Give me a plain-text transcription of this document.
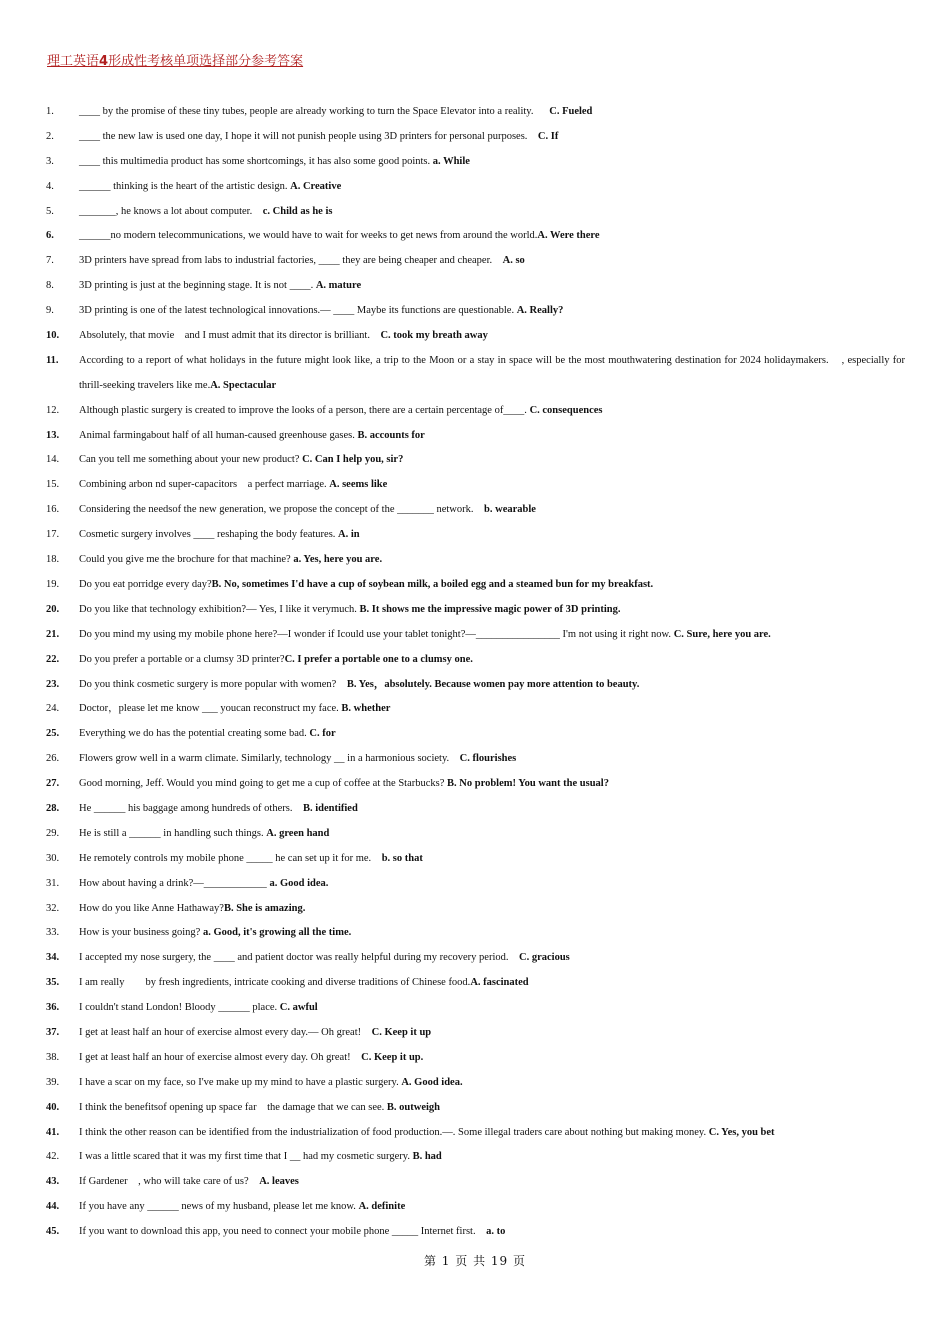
理工英语4形成性考核单项选择部分参考答案
1.	____ by the promise of these tiny tubes, people are already working to turn the Space Elevator into a reality.      C. Fueled
2.	____ the new law is used one day, I hope it will not punish people using 3D printers for personal purposes.    C. If
3.	____ this multimedia product has some shortcomings, it has also some good points. a. While
4.	______ thinking is the heart of the artistic design. A. Creative
5.	_______, he knows a lot about computer.    c. Child as he is
6.	______no modern telecommunications, we would have to wait for weeks to get news from around the world.A. Were there
7.	3D printers have spread from labs to industrial factories, ____ they are being cheaper and cheaper.    A. so
8.	3D printing is just at the beginning stage. It is not ____. A. mature
9.	3D printing is one of the latest technological innovations.— ____ Maybe its functions are questionable. A. Really?
10.	Absolutely, that movie    and I must admit that its director is brilliant.    C. took my breath away
11.	According to a report of what holidays in the future might look like, a trip to the Moon or a stay in space will be the most mouthwatering destination for 2024 holidaymakers.    , especially for thrill-seeking travelers like me.A. Spectacular
12.	Although plastic surgery is created to improve the looks of a person, there are a certain percentage of____. C. consequences
13.	Animal farmingabout half of all human-caused greenhouse gases. B. accounts for
14.	Can you tell me something about your new product? C. Can I help you, sir?
15.	Combining arbon nd super-capacitors    a perfect marriage. A. seems like
16.	Considering the needsof the new generation, we propose the concept of the _______ network.    b. wearable
17.	Cosmetic surgery involves ____ reshaping the body features. A. in
18.	Could you give me the brochure for that machine? a. Yes, here you are.
19.	Do you eat porridge every day?B. No, sometimes I'd have a cup of soybean milk, a boiled egg and a steamed bun for my breakfast.
20.	Do you like that technology exhibition?— Yes, I like it verymuch. B. It shows me the impressive magic power of 3D printing.
21.	Do you mind my using my mobile phone here?—I wonder if Icould use your tablet tonight?—________________ I'm not using it right now. C. Sure, here you are.
22.	Do you prefer a portable or a clumsy 3D printer?C. I prefer a portable one to a clumsy one.
23.	Do you think cosmetic surgery is more popular with women?    B. Yes，absolutely. Because women pay more attention to beauty.
24.	Doctor，please let me know ___ youcan reconstruct my face. B. whether
25.	Everything we do has the potential creating some bad. C. for
26.	Flowers grow well in a warm climate. Similarly, technology __ in a harmonious society.    C. flourishes
27.	Good morning, Jeff. Would you mind going to get me a cup of coffee at the Starbucks? B. No problem! You want the usual?
28.	He ______ his baggage among hundreds of others.    B. identified
29.	He is still a ______ in handling such things. A. green hand
30.	He remotely controls my mobile phone _____ he can set up it for me.    b. so that
31.	How about having a drink?—____________ a. Good idea.
32.	How do you like Anne Hathaway?B. She is amazing.
33.	How is your business going? a. Good, it's growing all the time.
34.	I accepted my nose surgery, the ____ and patient doctor was really helpful during my recovery period.    C. gracious
35.	I am really        by fresh ingredients, intricate cooking and diverse traditions of Chinese food.A. fascinated
36.	I couldn't stand London! Bloody ______ place. C. awful
37.	I get at least half an hour of exercise almost every day.— Oh great!    C. Keep it up
38.	I get at least half an hour of exercise almost every day. Oh great!    C. Keep it up.
39.	I have a scar on my face, so I've make up my mind to have a plastic surgery. A. Good idea.
40.	I think the benefitsof opening up space far    the damage that we can see. B. outweigh
41.	I think the other reason can be identified from the industrialization of food production.—. Some illegal traders care about nothing but making money. C. Yes, you bet
42.	I was a little scared that it was my first time that I __ had my cosmetic surgery. B. had
43.	If Gardener    , who will take care of us?    A. leaves
44.	If you have any ______ news of my husband, please let me know. A. definite
45.	If you want to download this app, you need to connect your mobile phone _____ Internet first.    a. to
第 1 页 共 19 页
